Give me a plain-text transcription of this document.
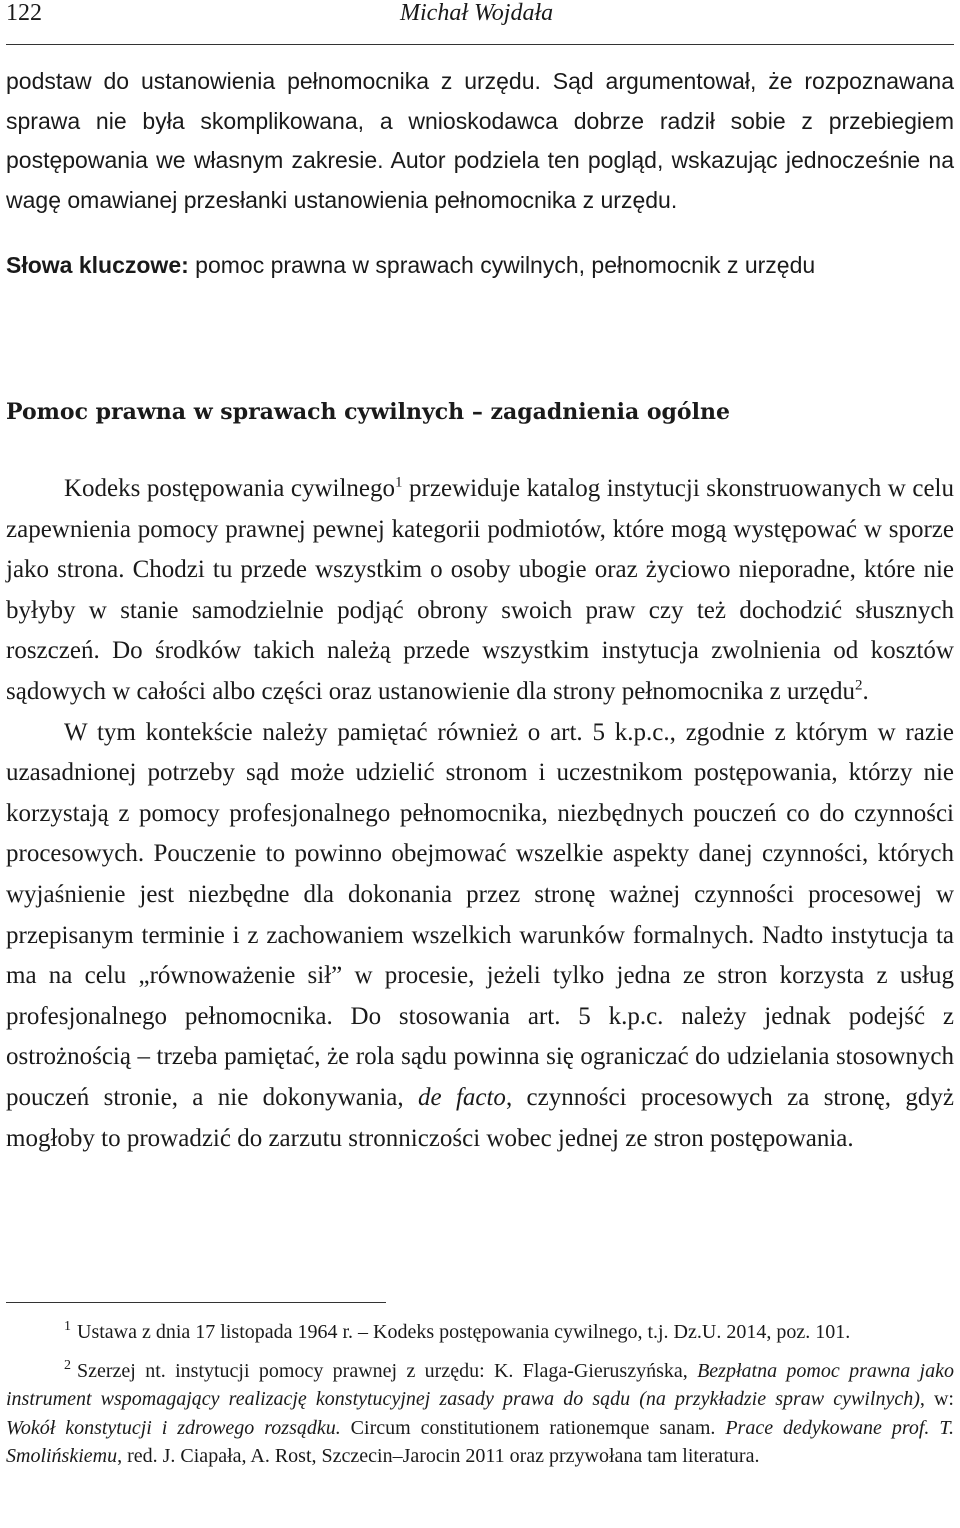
122	Michał Wojdała

podstaw do ustanowienia pełnomocnika z urzędu. Sąd argumentował, że rozpoznawana sprawa nie była skomplikowana, a wnioskodawca dobrze radził sobie z przebiegiem postępowania we własnym zakresie. Autor podziela ten pogląd, wskazując jednocześnie na wagę omawianej przesłanki ustanowienia pełnomocnika z urzędu.

Słowa kluczowe: pomoc prawna w sprawach cywilnych, pełnomocnik z urzędu

Pomoc prawna w sprawach cywilnych – zagadnienia ogólne

Kodeks postępowania cywilnego$^1$ przewiduje katalog instytucji skonstruowanych w celu zapewnienia pomocy prawnej pewnej kategorii podmiotów, które mogą występować w sporze jako strona. Chodzi tu przede wszystkim o osoby ubogie oraz życiowo nieporadne, które nie byłyby w stanie samodzielnie podjąć obrony swoich praw czy też dochodzić słusznych roszczeń. Do środków takich należą przede wszystkim instytucja zwolnienia od kosztów sądowych w całości albo części oraz ustanowienie dla strony pełnomocnika z urzędu$^2$.

W tym kontekście należy pamiętać również o art. 5 k.p.c., zgodnie z którym w razie uzasadnionej potrzeby sąd może udzielić stronom i uczestnikom postępowania, którzy nie korzystają z pomocy profesjonalnego pełnomocnika, niezbędnych pouczeń co do czynności procesowych. Pouczenie to powinno obejmować wszelkie aspekty danej czynności, których wyjaśnienie jest niezbędne dla dokonania przez stronę ważnej czynności procesowej w przepisanym terminie i z zachowaniem wszelkich warunków formalnych. Nadto instytucja ta ma na celu „równoważenie sił” w procesie, jeżeli tylko jedna ze stron korzysta z usług profesjonalnego pełnomocnika. Do stosowania art. 5 k.p.c. należy jednak podejść z ostrożnością – trzeba pamiętać, że rola sądu powinna się ograniczać do udzielania stosownych pouczeń stronie, a nie dokonywania, de facto, czynności procesowych za stronę, gdyż mogłoby to prowadzić do zarzutu stronniczości wobec jednej ze stron postępowania.

$^1$ Ustawa z dnia 17 listopada 1964 r. – Kodeks postępowania cywilnego, t.j. Dz.U. 2014, poz. 101.

$^2$ Szerzej nt. instytucji pomocy prawnej z urzędu: K. Flaga-Gieruszyńska, Bezpłatna pomoc prawna jako instrument wspomagający realizację konstytucyjnej zasady prawa do sądu (na przykładzie spraw cywilnych), w: Wokół konstytucji i zdrowego rozsądku. Circum constitutionem rationemque sanam. Prace dedykowane prof. T. Smolińskiemu, red. J. Ciapała, A. Rost, Szczecin–Jarocin 2011 oraz przywołana tam literatura.
